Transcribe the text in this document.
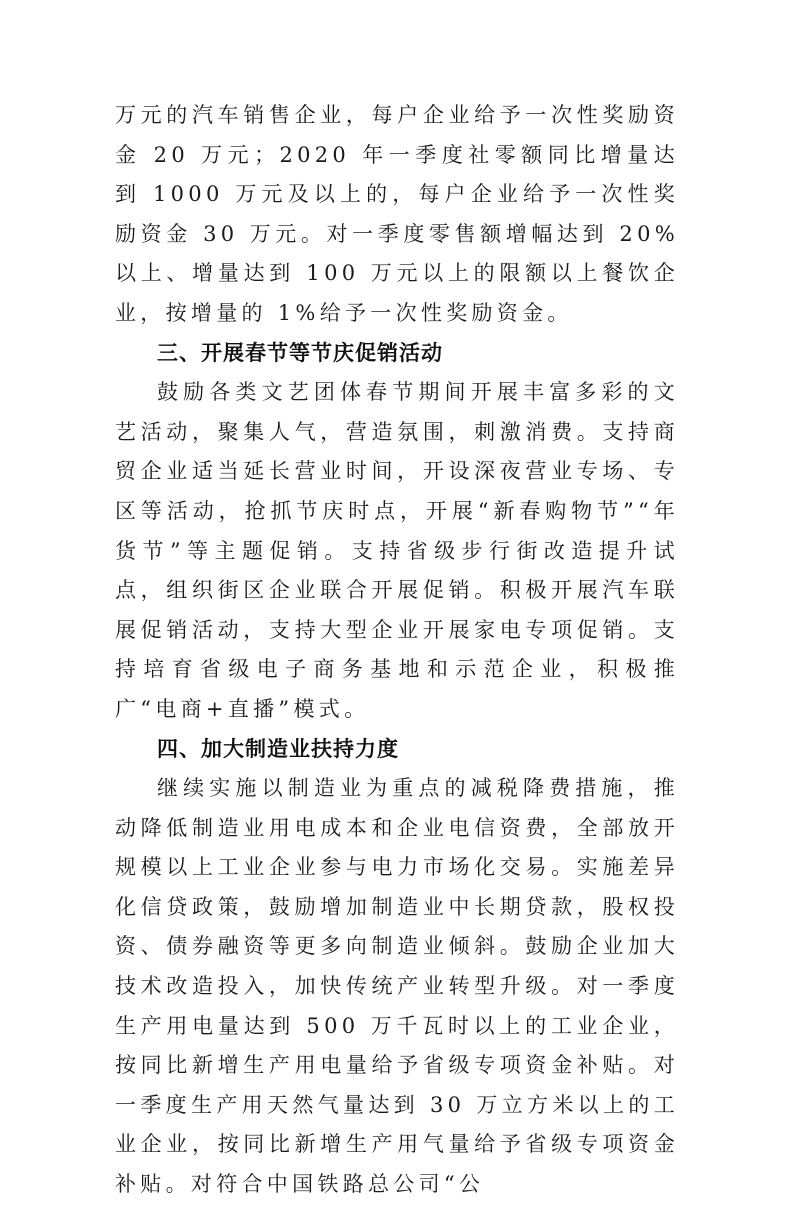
万元的汽车销售企业，每户企业给予一次性奖励资金 20 万元；2020 年一季度社零额同比增量达到 1000 万元及以上的，每户企业给予一次性奖励资金 30 万元。对一季度零售额增幅达到 20%以上、增量达到 100 万元以上的限额以上餐饮企业，按增量的 1%给予一次性奖励资金。

三、开展春节等节庆促销活动

鼓励各类文艺团体春节期间开展丰富多彩的文艺活动，聚集人气，营造氛围，刺激消费。支持商贸企业适当延长营业时间，开设深夜营业专场、专区等活动，抢抓节庆时点，开展“新春购物节”“年货节”等主题促销。支持省级步行街改造提升试点，组织街区企业联合开展促销。积极开展汽车联展促销活动，支持大型企业开展家电专项促销。支持培育省级电子商务基地和示范企业，积极推广“电商+直播”模式。

四、加大制造业扶持力度

继续实施以制造业为重点的减税降费措施，推动降低制造业用电成本和企业电信资费，全部放开规模以上工业企业参与电力市场化交易。实施差异化信贷政策，鼓励增加制造业中长期贷款，股权投资、债券融资等更多向制造业倾斜。鼓励企业加大技术改造投入，加快传统产业转型升级。对一季度生产用电量达到 500 万千瓦时以上的工业企业，按同比新增生产用电量给予省级专项资金补贴。对一季度生产用天然气量达到 30 万立方米以上的工业企业，按同比新增生产用气量给予省级专项资金补贴。对符合中国铁路总公司“公
